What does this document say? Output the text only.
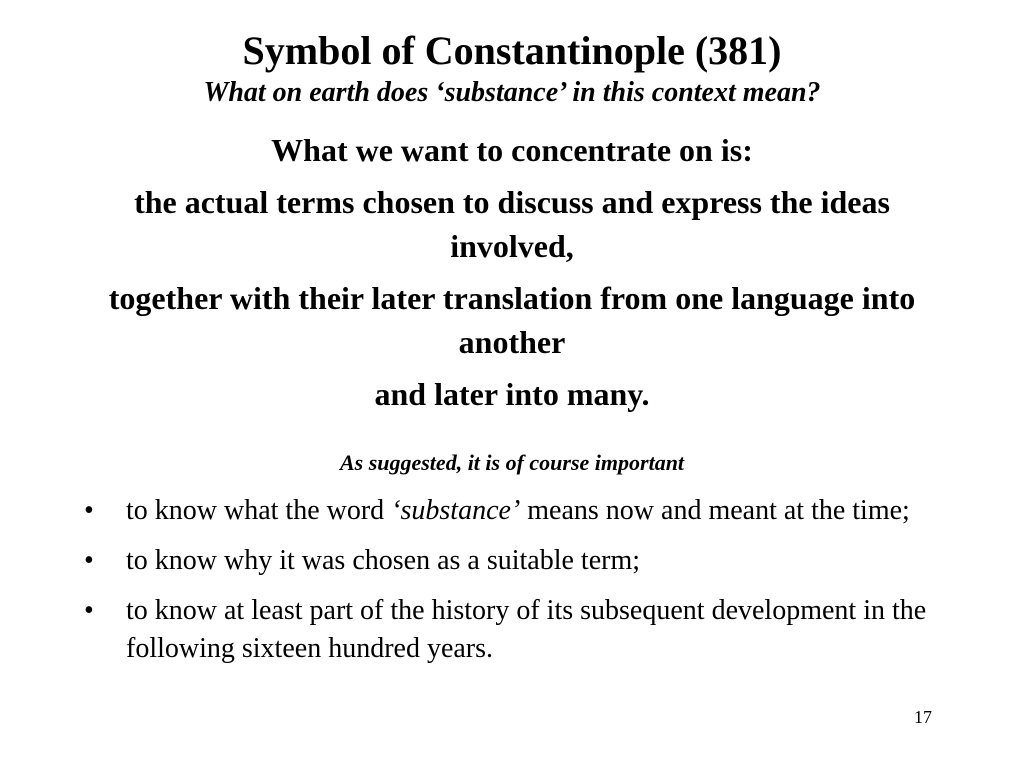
Symbol of Constantinople (381)

What on earth does ‘substance’ in this context mean?

What we want to concentrate on is:

the actual terms chosen to discuss and express the ideas involved,

together with their later translation from one language into another

and later into many.

As suggested, it is of course important

• to know what the word ‘substance’ means now and meant at the time;
• to know why it was chosen as a suitable term;
• to know at least part of the history of its subsequent development in the following sixteen hundred years.
17
